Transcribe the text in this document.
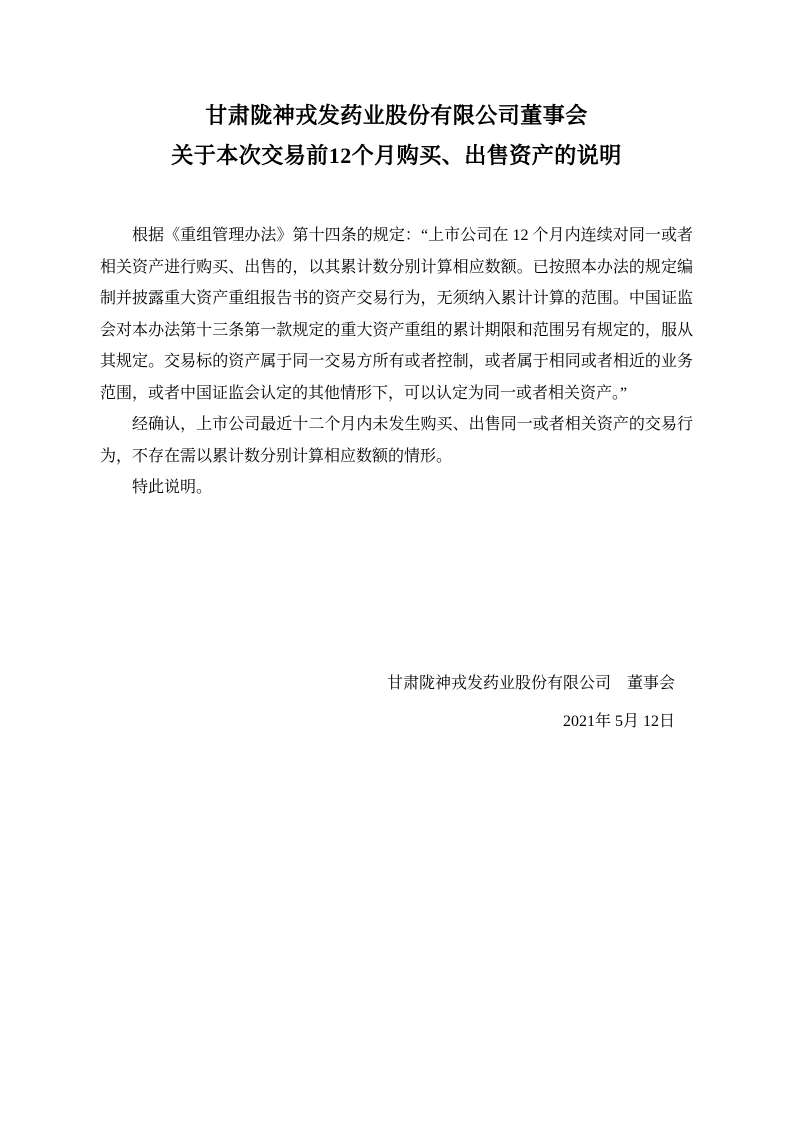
甘肃陇神戎发药业股份有限公司董事会
关于本次交易前12个月购买、出售资产的说明

根据《重组管理办法》第十四条的规定：“上市公司在 12 个月内连续对同一或者相关资产进行购买、出售的，以其累计数分别计算相应数额。已按照本办法的规定编制并披露重大资产重组报告书的资产交易行为，无须纳入累计计算的范围。中国证监会对本办法第十三条第一款规定的重大资产重组的累计期限和范围另有规定的，服从其规定。交易标的资产属于同一交易方所有或者控制，或者属于相同或者相近的业务范围，或者中国证监会认定的其他情形下，可以认定为同一或者相关资产。”

经确认，上市公司最近十二个月内未发生购买、出售同一或者相关资产的交易行为，不存在需以累计数分别计算相应数额的情形。

特此说明。

甘肃陇神戎发药业股份有限公司　董事会
2021年 5月 12日
